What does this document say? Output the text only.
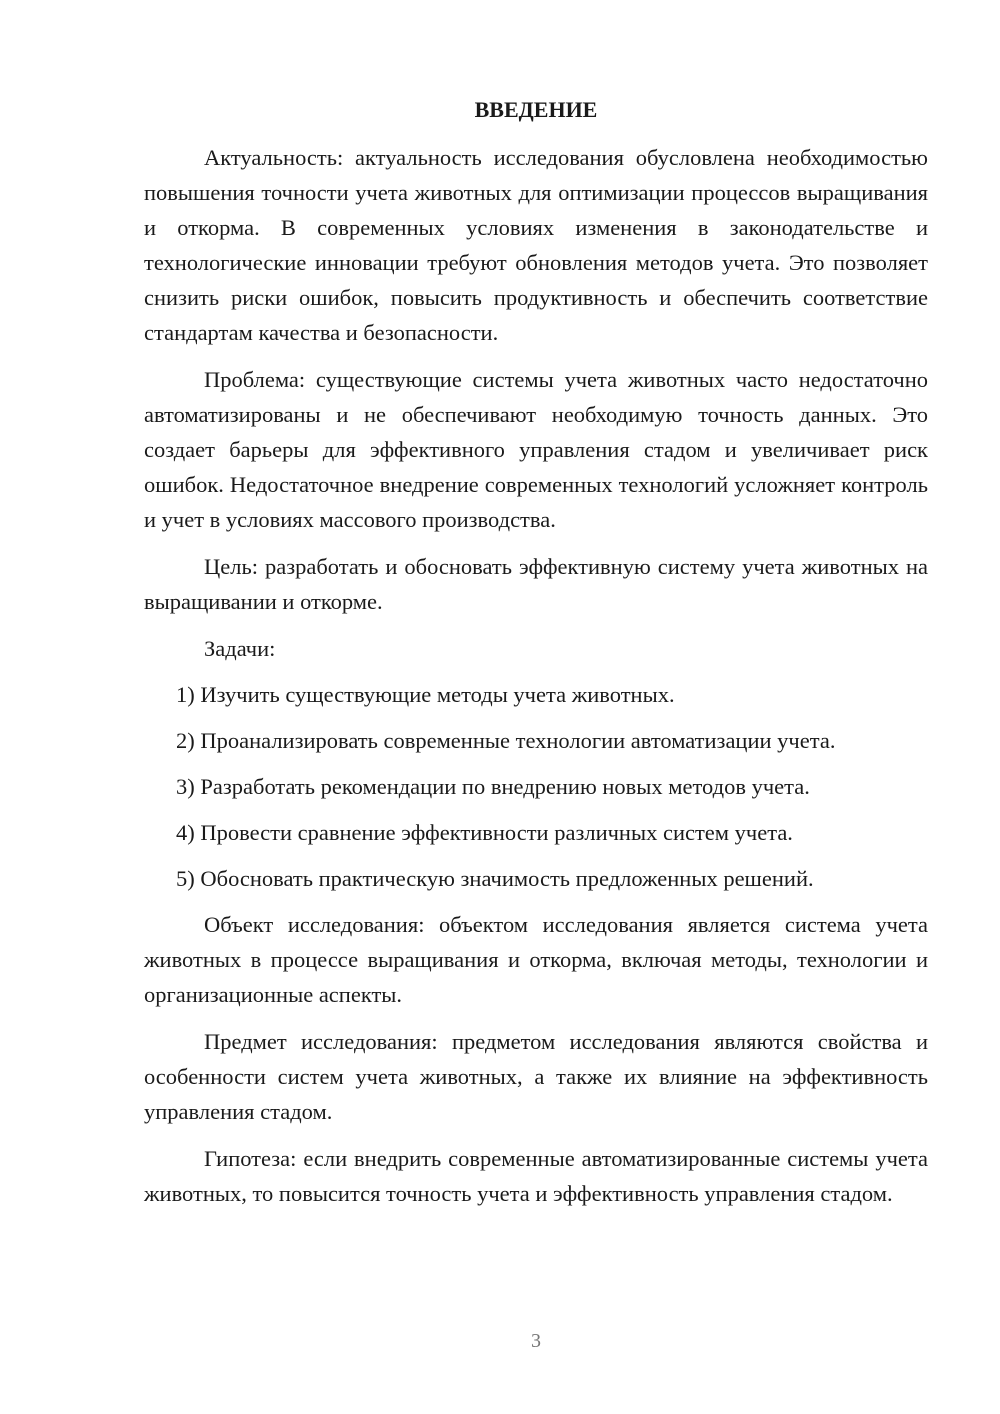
ВВЕДЕНИЕ

Актуальность: актуальность исследования обусловлена необходимостью повышения точности учета животных для оптимизации процессов выращивания и откорма. В современных условиях изменения в законодательстве и технологические инновации требуют обновления методов учета. Это позволяет снизить риски ошибок, повысить продуктивность и обеспечить соответствие стандартам качества и безопасности.

Проблема: существующие системы учета животных часто недостаточно автоматизированы и не обеспечивают необходимую точность данных. Это создает барьеры для эффективного управления стадом и увеличивает риск ошибок. Недостаточное внедрение современных технологий усложняет контроль и учет в условиях массового производства.

Цель: разработать и обосновать эффективную систему учета животных на выращивании и откорме.

Задачи:

1) Изучить существующие методы учета животных.

2) Проанализировать современные технологии автоматизации учета.

3) Разработать рекомендации по внедрению новых методов учета.

4) Провести сравнение эффективности различных систем учета.

5) Обосновать практическую значимость предложенных решений.

Объект исследования: объектом исследования является система учета животных в процессе выращивания и откорма, включая методы, технологии и организационные аспекты.

Предмет исследования: предметом исследования являются свойства и особенности систем учета животных, а также их влияние на эффективность управления стадом.

Гипотеза: если внедрить современные автоматизированные системы учета животных, то повысится точность учета и эффективность управления стадом.

3
